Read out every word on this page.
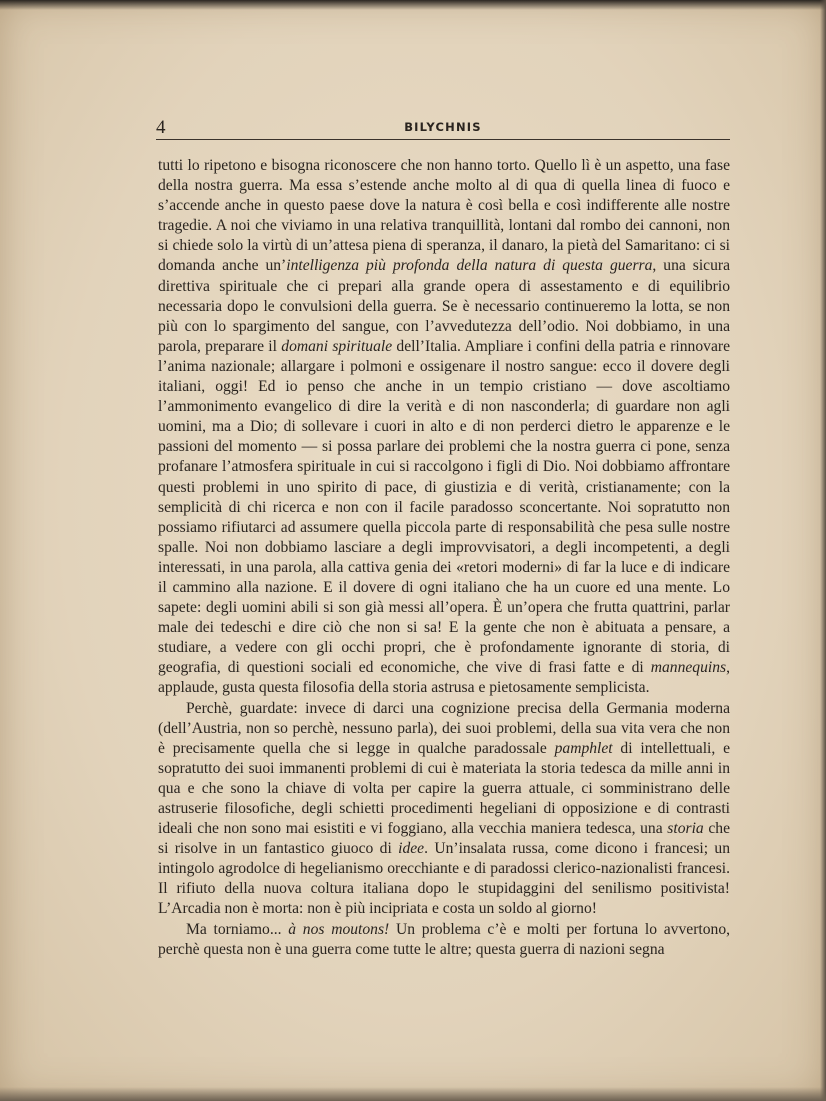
4	BILYCHNIS

tutti lo ripetono e bisogna riconoscere che non hanno torto. Quello lì è un aspetto, una fase della nostra guerra. Ma essa s’estende anche molto al di qua di quella linea di fuoco e s’accende anche in questo paese dove la natura è così bella e così indifferente alle nostre tragedie. A noi che viviamo in una relativa tranquillità, lontani dal rombo dei cannoni, non si chiede solo la virtù di un’attesa piena di speranza, il danaro, la pietà del Samaritano: ci si domanda anche un’intelligenza più profonda della natura di questa guerra, una sicura direttiva spirituale che ci prepari alla grande opera di assestamento e di equilibrio necessaria dopo le convulsioni della guerra. Se è necessario continueremo la lotta, se non più con lo spargimento del sangue, con l’avvedutezza dell’odio. Noi dobbiamo, in una parola, preparare il domani spirituale dell’Italia. Ampliare i confini della patria e rinnovare l’anima nazionale; allargare i polmoni e ossigenare il nostro sangue: ecco il dovere degli italiani, oggi! Ed io penso che anche in un tempio cristiano — dove ascoltiamo l’ammonimento evangelico di dire la verità e di non nasconderla; di guardare non agli uomini, ma a Dio; di sollevare i cuori in alto e di non perderci dietro le apparenze e le passioni del momento — si possa parlare dei problemi che la nostra guerra ci pone, senza profanare l’atmosfera spirituale in cui si raccolgono i figli di Dio. Noi dobbiamo affrontare questi problemi in uno spirito di pace, di giustizia e di verità, cristianamente; con la semplicità di chi ricerca e non con il facile paradosso sconcertante. Noi sopratutto non possiamo rifiutarci ad assumere quella piccola parte di responsabilità che pesa sulle nostre spalle. Noi non dobbiamo lasciare a degli improvvisatori, a degli incompetenti, a degli interessati, in una parola, alla cattiva genia dei «retori moderni» di far la luce e di indicare il cammino alla nazione. E il dovere di ogni italiano che ha un cuore ed una mente. Lo sapete: degli uomini abili si son già messi all’opera. È un’opera che frutta quattrini, parlar male dei tedeschi e dire ciò che non si sa! E la gente che non è abituata a pensare, a studiare, a vedere con gli occhi propri, che è profondamente ignorante di storia, di geografia, di questioni sociali ed economiche, che vive di frasi fatte e di mannequins, applaude, gusta questa filosofia della storia astrusa e pietosamente semplicista.

Perchè, guardate: invece di darci una cognizione precisa della Germania moderna (dell’Austria, non so perchè, nessuno parla), dei suoi problemi, della sua vita vera che non è precisamente quella che si legge in qualche paradossale pamphlet di intellettuali, e sopratutto dei suoi immanenti problemi di cui è materiata la storia tedesca da mille anni in qua e che sono la chiave di volta per capire la guerra attuale, ci somministrano delle astruserie filosofiche, degli schietti procedimenti hegeliani di opposizione e di contrasti ideali che non sono mai esistiti e vi foggiano, alla vecchia maniera tedesca, una storia che si risolve in un fantastico giuoco di idee. Un’insalata russa, come dicono i francesi; un intingolo agrodolce di hegelianismo orecchiante e di paradossi clerico-nazionalisti francesi. Il rifiuto della nuova coltura italiana dopo le stupidaggini del senilismo positivista! L’Arcadia non è morta: non è più incipriata e costa un soldo al giorno!

Ma torniamo... à nos moutons! Un problema c’è e molti per fortuna lo avvertono, perchè questa non è una guerra come tutte le altre; questa guerra di nazioni segna
